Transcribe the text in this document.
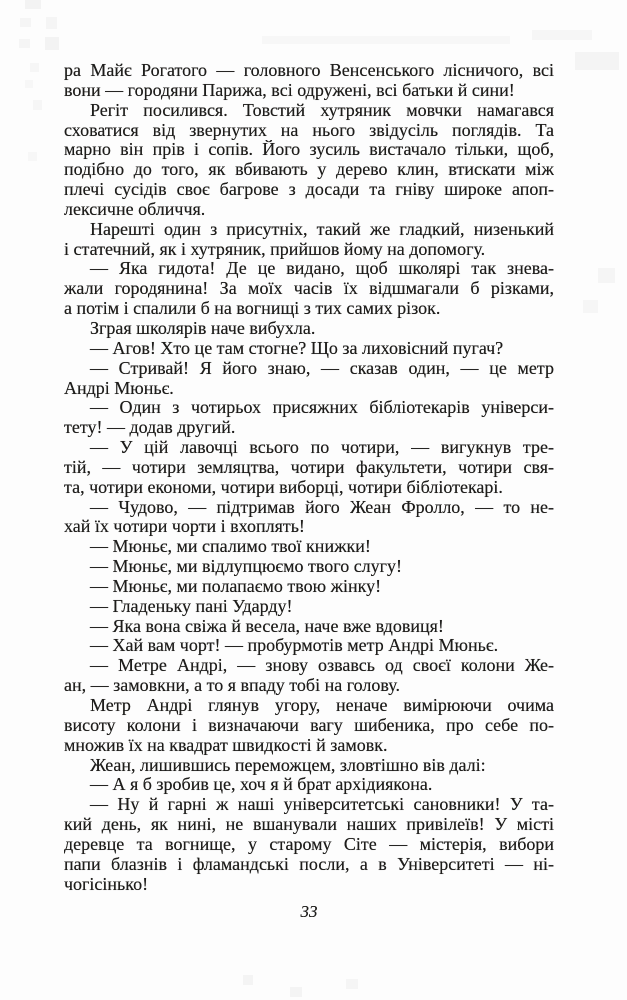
ра Майє Рогатого — головного Венсенського лісничого, всі
вони — городяни Парижа, всі одружені, всі батьки й сини!
Регіт посилився. Товстий хутряник мовчки намагався
сховатися від звернутих на нього звідусіль поглядів. Та
марно він прів і сопів. Його зусиль вистачало тільки, щоб,
подібно до того, як вбивають у дерево клин, втискати між
плечі сусідів своє багрове з досади та гніву широке апоп-
лексичне обличчя.
Нарешті один з присутніх, такий же гладкий, низенький
і статечний, як і хутряник, прийшов йому на допомогу.
— Яка гидота! Де це видано, щоб школярі так знева-
жали городянина! За моїх часів їх відшмагали б різками,
а потім і спалили б на вогнищі з тих самих різок.
Зграя школярів наче вибухла.
— Агов! Хто це там стогне? Що за лиховісний пугач?
— Стривай! Я його знаю, — сказав один, — це метр
Андрі Мюньє.
— Один з чотирьох присяжних бібліотекарів універси-
тету! — додав другий.
— У цій лавочці всього по чотири, — вигукнув тре-
тій, — чотири земляцтва, чотири факультети, чотири свя-
та, чотири економи, чотири виборці, чотири бібліотекарі.
— Чудово, — підтримав його Жеан Фролло, — то не-
хай їх чотири чорти і вхоплять!
— Мюньє, ми спалимо твої книжки!
— Мюньє, ми відлупцюємо твого слугу!
— Мюньє, ми полапаємо твою жінку!
— Гладеньку пані Ударду!
— Яка вона свіжа й весела, наче вже вдовиця!
— Хай вам чорт! — пробурмотів метр Андрі Мюньє.
— Метре Андрі, — знову озвавсь од своєї колони Же-
ан, — замовкни, а то я впаду тобі на голову.
Метр Андрі глянув угору, неначе вимірюючи очима
висоту колони і визначаючи вагу шибеника, про себе по-
множив їх на квадрат швидкості й замовк.
Жеан, лишившись переможцем, зловтішно вів далі:
— А я б зробив це, хоч я й брат архідиякона.
— Ну й гарні ж наші університетські сановники! У та-
кий день, як нині, не вшанували наших привілеїв! У місті
деревце та вогнище, у старому Сіте — містерія, вибори
папи блазнів і фламандські посли, а в Університеті — ні-
чогісінько!
33
